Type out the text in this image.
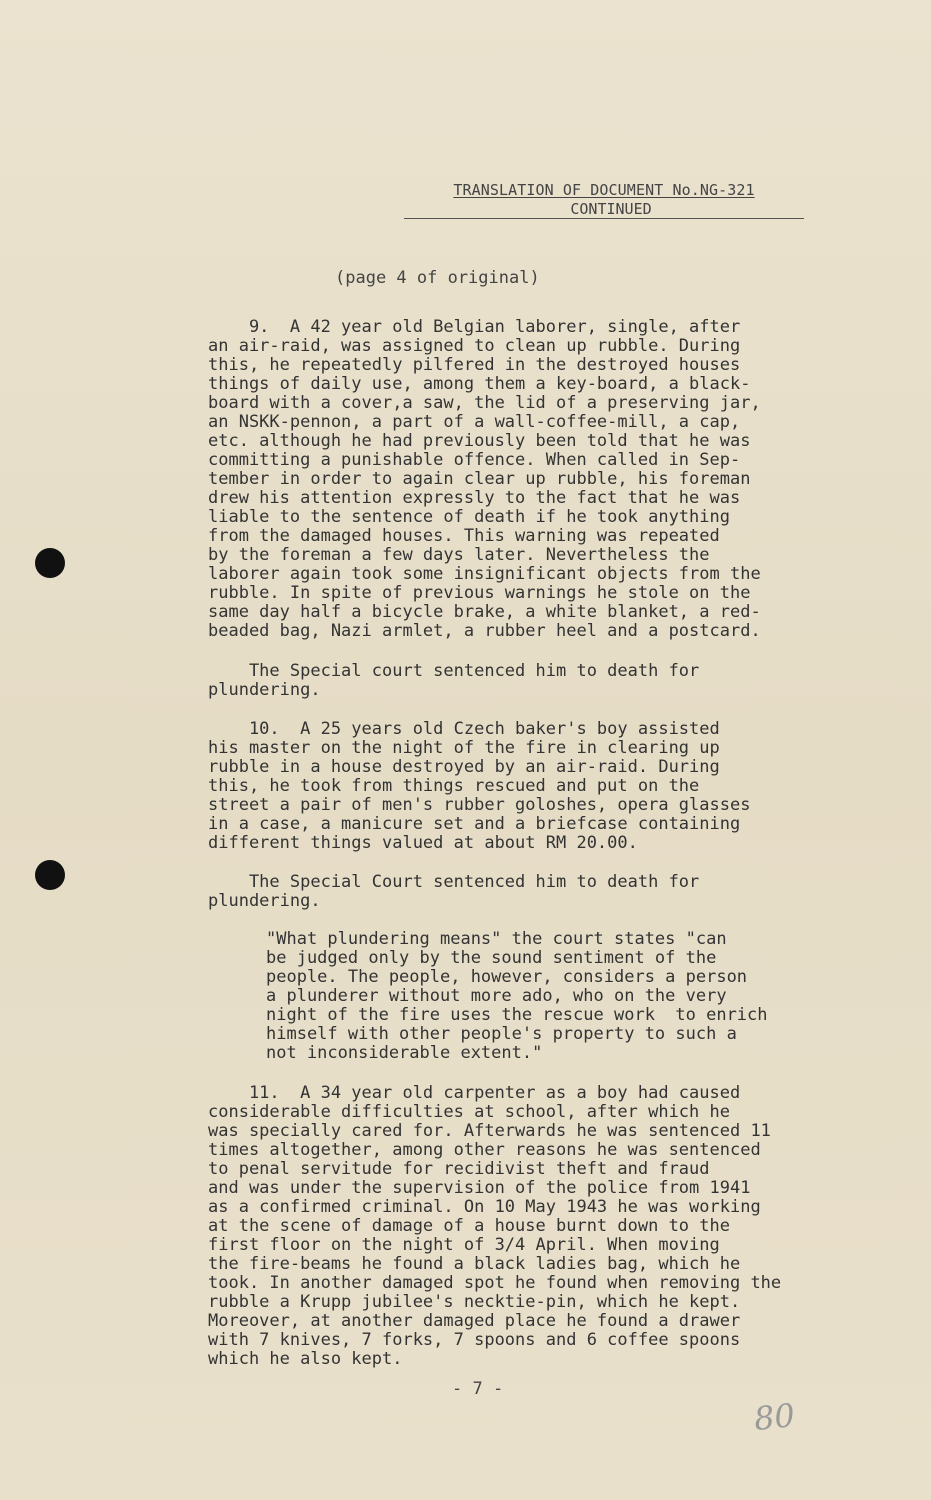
TRANSLATION OF DOCUMENT No.NG-321
CONTINUED
(page 4 of original)
9.  A 42 year old Belgian laborer, single, after
an air-raid, was assigned to clean up rubble. During
this, he repeatedly pilfered in the destroyed houses
things of daily use, among them a key-board, a black-
board with a cover,a saw, the lid of a preserving jar,
an NSKK-pennon, a part of a wall-coffee-mill, a cap,
etc. although he had previously been told that he was
committing a punishable offence. When called in Sep-
tember in order to again clear up rubble, his foreman
drew his attention expressly to the fact that he was
liable to the sentence of death if he took anything
from the damaged houses. This warning was repeated
by the foreman a few days later. Nevertheless the
laborer again took some insignificant objects from the
rubble. In spite of previous warnings he stole on the
same day half a bicycle brake, a white blanket, a red-
beaded bag, Nazi armlet, a rubber heel and a postcard.
The Special court sentenced him to death for
plundering.
10.  A 25 years old Czech baker's boy assisted
his master on the night of the fire in clearing up
rubble in a house destroyed by an air-raid. During
this, he took from things rescued and put on the
street a pair of men's rubber goloshes, opera glasses
in a case, a manicure set and a briefcase containing
different things valued at about RM 20.00.
The Special Court sentenced him to death for
plundering.
"What plundering means" the court states "can
be judged only by the sound sentiment of the
people. The people, however, considers a person
a plunderer without more ado, who on the very
night of the fire uses the rescue work  to enrich
himself with other people's property to such a
not inconsiderable extent."
11.  A 34 year old carpenter as a boy had caused
considerable difficulties at school, after which he
was specially cared for. Afterwards he was sentenced 11
times altogether, among other reasons he was sentenced
to penal servitude for recidivist theft and fraud
and was under the supervision of the police from 1941
as a confirmed criminal. On 10 May 1943 he was working
at the scene of damage of a house burnt down to the
first floor on the night of 3/4 April. When moving
the fire-beams he found a black ladies bag, which he
took. In another damaged spot he found when removing the
rubble a Krupp jubilee's necktie-pin, which he kept.
Moreover, at another damaged place he found a drawer
with 7 knives, 7 forks, 7 spoons and 6 coffee spoons
which he also kept.
- 7 -
80
